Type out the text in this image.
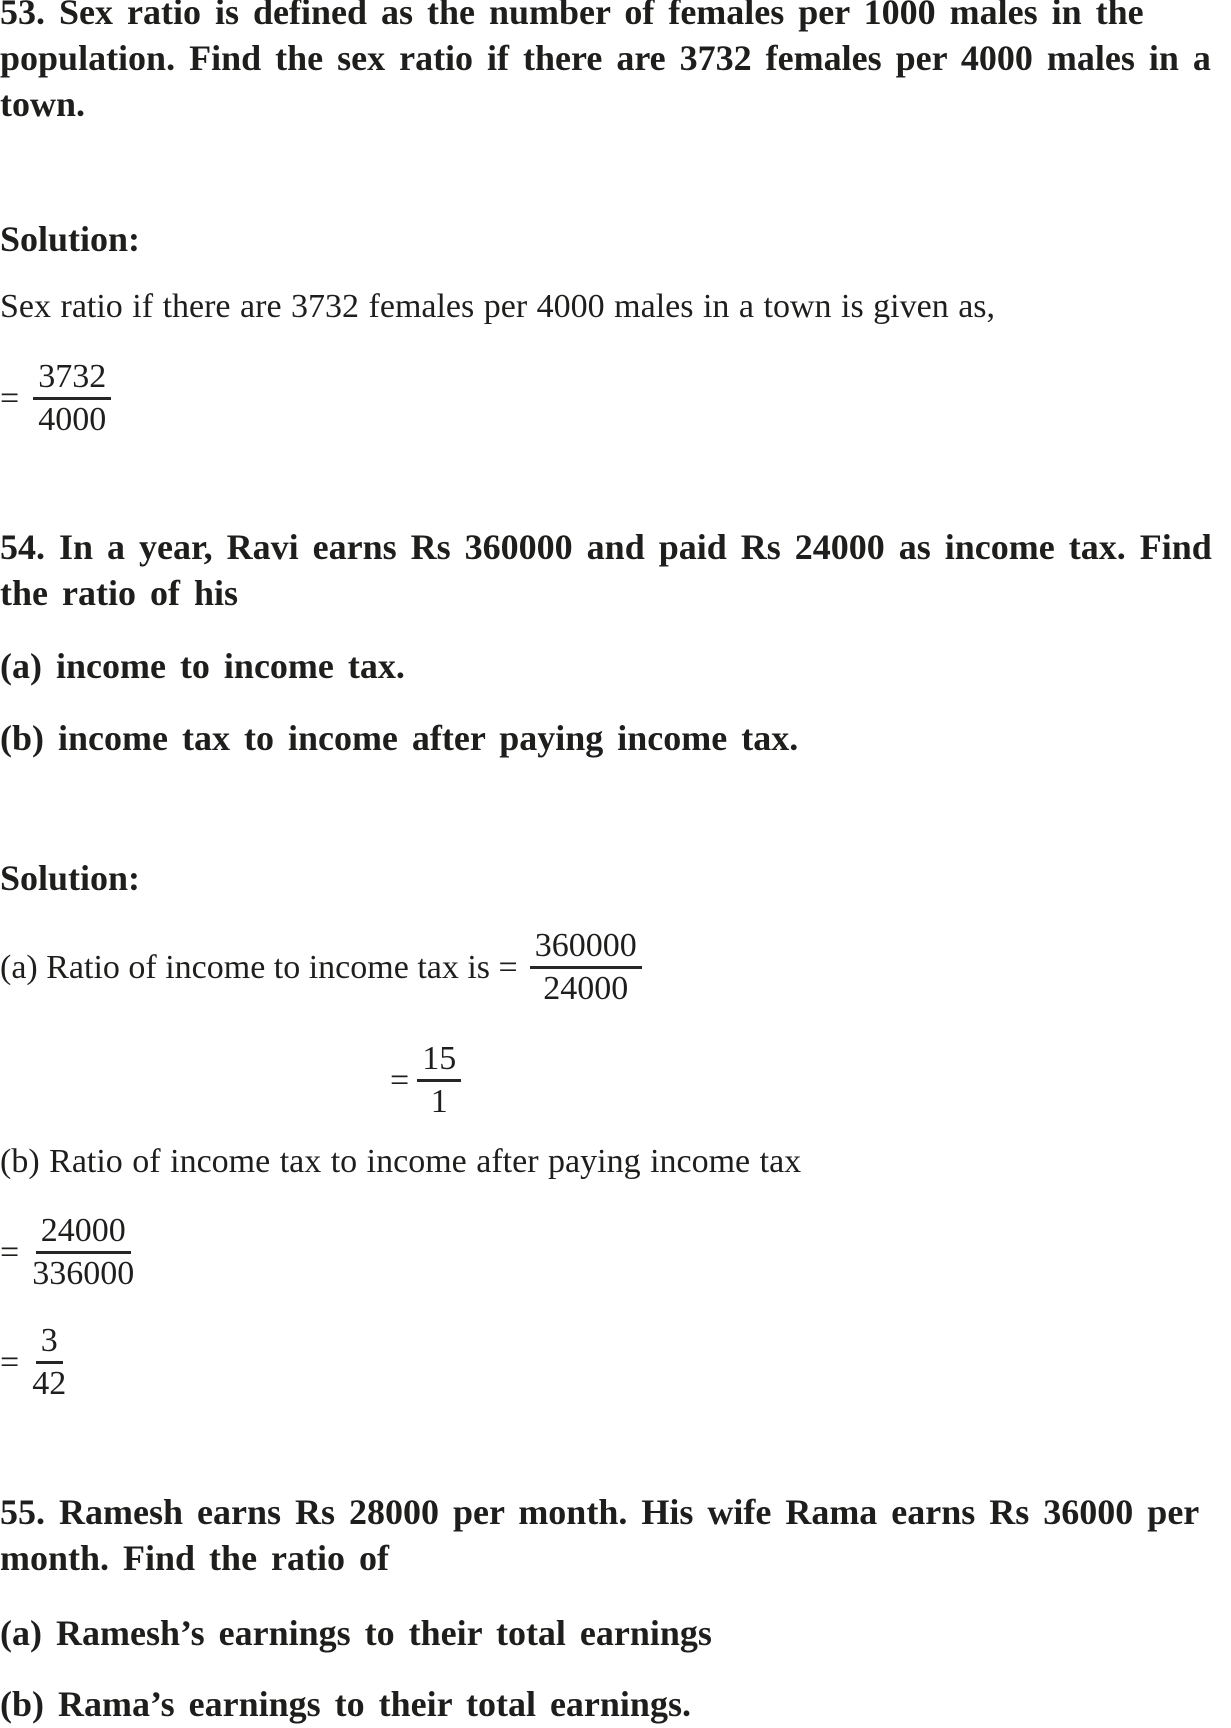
53. Sex ratio is defined as the number of females per 1000 males in the
population. Find the sex ratio if there are 3732 females per 4000 males in a
town.
Solution:
Sex ratio if there are 3732 females per 4000 males in a town is given as,
= $\frac{3732}{4000}$
54. In a year, Ravi earns Rs 360000 and paid Rs 24000 as income tax. Find
the ratio of his
(a) income to income tax.
(b) income tax to income after paying income tax.
Solution:
(a) Ratio of income to income tax is = $\frac{360000}{24000}$
= $\frac{15}{1}$
(b) Ratio of income tax to income after paying income tax
= $\frac{24000}{336000}$
= $\frac{3}{42}$
55. Ramesh earns Rs 28000 per month. His wife Rama earns Rs 36000 per
month. Find the ratio of
(a) Ramesh’s earnings to their total earnings
(b) Rama’s earnings to their total earnings.
